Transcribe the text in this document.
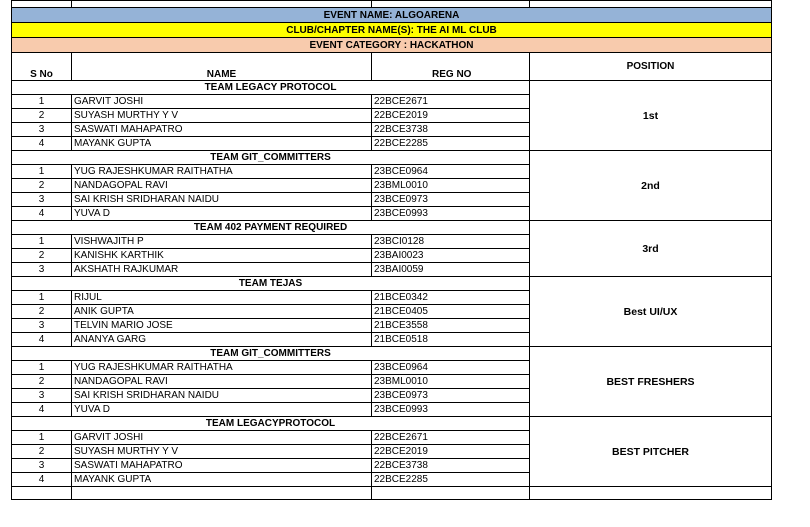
EVENT NAME: ALGOARENA			
CLUB/CHAPTER NAME(S): THE AI ML CLUB			
EVENT CATEGORY : HACKATHON			
S No	NAME	REG NO	POSITION
TEAM LEGACY PROTOCOL			1st
1	GARVIT JOSHI	22BCE2671	
2	SUYASH MURTHY Y V	22BCE2019	
3	SASWATI MAHAPATRO	22BCE3738	
4	MAYANK GUPTA	22BCE2285	
TEAM GIT_COMMITTERS			2nd
1	YUG RAJESHKUMAR RAITHATHA	23BCE0964	
2	NANDAGOPAL RAVI	23BML0010	
3	SAI KRISH SRIDHARAN NAIDU	23BCE0973	
4	YUVA D	23BCE0993	
TEAM 402 PAYMENT REQUIRED			3rd
1	VISHWAJITH P	23BCI0128	
2	KANISHK KARTHIK	23BAI0023	
3	AKSHATH RAJKUMAR	23BAI0059	
TEAM TEJAS			Best UI/UX
1	RIJUL	21BCE0342	
2	ANIK GUPTA	21BCE0405	
3	TELVIN MARIO JOSE	21BCE3558	
4	ANANYA GARG	21BCE0518	
TEAM GIT_COMMITTERS			BEST FRESHERS
1	YUG RAJESHKUMAR RAITHATHA	23BCE0964	
2	NANDAGOPAL RAVI	23BML0010	
3	SAI KRISH SRIDHARAN NAIDU	23BCE0973	
4	YUVA D	23BCE0993	
TEAM LEGACYPROTOCOL			BEST PITCHER
1	GARVIT JOSHI	22BCE2671	
2	SUYASH MURTHY Y V	22BCE2019	
3	SASWATI MAHAPATRO	22BCE3738	
4	MAYANK GUPTA	22BCE2285	
